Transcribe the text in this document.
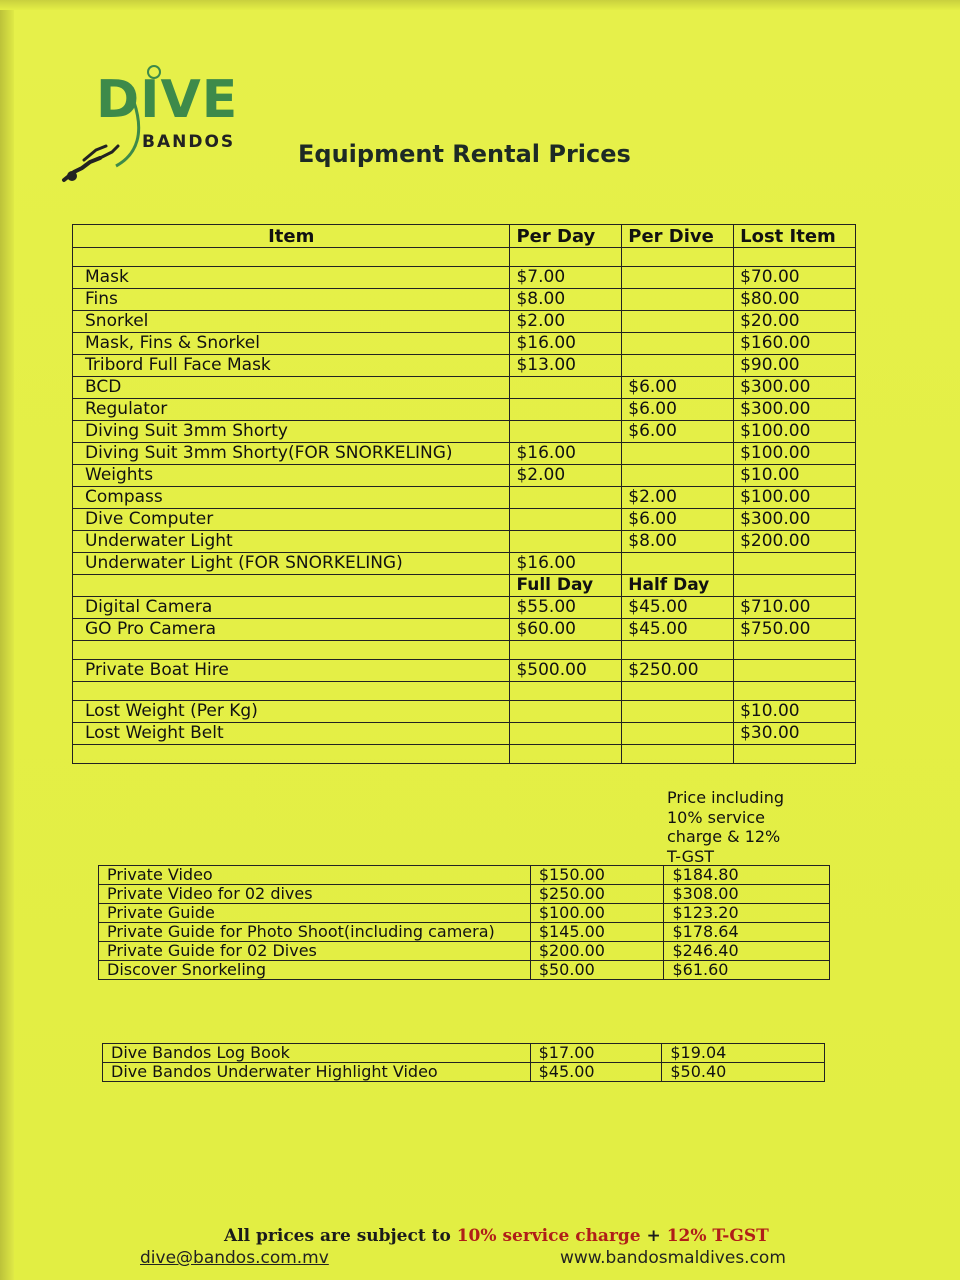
DIVE
BANDOS	Equipment Rental Prices
Item	Per Day	Per Dive	Lost Item

Mask	$7.00		$70.00
Fins	$8.00		$80.00
Snorkel	$2.00		$20.00
Mask, Fins & Snorkel	$16.00		$160.00
Tribord Full Face Mask	$13.00		$90.00
BCD		$6.00	$300.00
Regulator		$6.00	$300.00
Diving Suit 3mm Shorty		$6.00	$100.00
Diving Suit 3mm Shorty(FOR SNORKELING)	$16.00		$100.00
Weights	$2.00		$10.00
Compass		$2.00	$100.00
Dive Computer		$6.00	$300.00
Underwater Light		$8.00	$200.00
Underwater Light (FOR SNORKELING)	$16.00		
	Full Day	Half Day	
Digital Camera	$55.00	$45.00	$710.00
GO Pro Camera	$60.00	$45.00	$750.00

Private Boat Hire	$500.00	$250.00	

Lost Weight (Per Kg)			$10.00
Lost Weight Belt			$30.00

Price including
10% service
charge & 12%
T-GST
Private Video	$150.00	$184.80
Private Video for 02 dives	$250.00	$308.00
Private Guide	$100.00	$123.20
Private Guide for Photo Shoot(including camera)	$145.00	$178.64
Private Guide for 02 Dives	$200.00	$246.40
Discover Snorkeling	$50.00	$61.60
Dive Bandos Log Book	$17.00	$19.04
Dive Bandos Underwater Highlight Video	$45.00	$50.40
All prices are subject to 10% service charge + 12% T-GST
dive@bandos.com.mv	www.bandosmaldives.com
